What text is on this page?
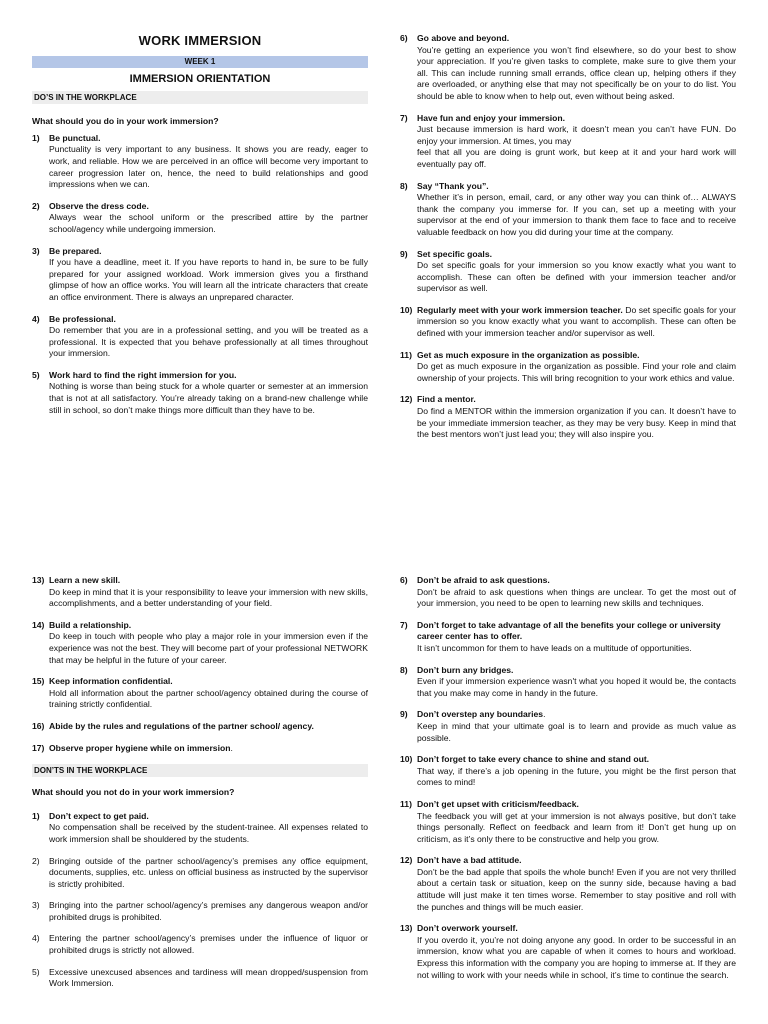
WORK IMMERSION
WEEK 1
IMMERSION ORIENTATION
DO’S IN THE WORKPLACE
What should you do in your work immersion?
1)	Be punctual.
Punctuality is very important to any business. It shows you are ready, eager to work, and reliable. How we are perceived in an office will become very important to career progression later on, hence, the need to build relationships and good impressions when we can.
2)	Observe the dress code.
Always wear the school uniform or the prescribed attire by the partner school/agency while undergoing immersion.
3)	Be prepared.
If you have a deadline, meet it. If you have reports to hand in, be sure to be fully prepared for your assigned workload. Work immersion gives you a firsthand glimpse of how an office works. You will learn all the intricate characters that create an office environment. There is always an unprepared character.
4)	Be professional.
Do remember that you are in a professional setting, and you will be treated as a professional. It is expected that you behave professionally at all times throughout your immersion.
5)	Work hard to find the right immersion for you.
Nothing is worse than being stuck for a whole quarter or semester at an immersion that is not at all satisfactory. You’re already taking on a brand-new challenge while still in school, so don’t make things more difficult than they have to be.
6)	Go above and beyond.
You’re getting an experience you won’t find elsewhere, so do your best to show your appreciation. If you’re given tasks to complete, make sure to give them your all. This can include running small errands, office clean up, helping others if they are overloaded, or anything else that may not specifically be on your to do list. You should be able to know when to help out, even without being asked.
7)	Have fun and enjoy your immersion.
Just because immersion is hard work, it doesn’t mean you can’t have FUN. Do enjoy your immersion. At times, you may
feel that all you are doing is grunt work, but keep at it and your hard work will eventually pay off.
8)	Say “Thank you”.
Whether it’s in person, email, card, or any other way you can think of… ALWAYS thank the company you immerse for. If you can, set up a meeting with your supervisor at the end of your immersion to thank them face to face and to receive valuable feedback on how you did during your time at the company.
9)	Set specific goals.
Do set specific goals for your immersion so you know exactly what you want to accomplish. These can often be defined with your immersion teacher and/or supervisor as well.
10) Regularly meet with your work immersion teacher. Do set specific goals for your immersion so you know exactly what you want to accomplish. These can often be defined with your immersion teacher and/or supervisor as well.
11) Get as much exposure in the organization as possible.
Do get as much exposure in the organization as possible. Find your role and claim ownership of your projects. This will bring recognition to your work ethics and value.
12) Find a mentor.
Do find a MENTOR within the immersion organization if you can. It doesn’t have to be your immediate immersion teacher, as they may be very busy. Keep in mind that the best mentors won’t just lead you; they will also inspire you.
13) Learn a new skill.
Do keep in mind that it is your responsibility to leave your immersion with new skills, accomplishments, and a better understanding of your field.
14) Build a relationship.
Do keep in touch with people who play a major role in your immersion even if the experience was not the best. They will become part of your professional NETWORK that may be helpful in the future of your career.
15) Keep information confidential.
Hold all information about the partner school/agency obtained during the course of training strictly confidential.
16) Abide by the rules and regulations of the partner school/ agency.
17) Observe proper hygiene while on immersion.
DON’TS IN THE WORKPLACE
What should you not do in your work immersion?
1)	Don’t expect to get paid.
No compensation shall be received by the student-trainee. All expenses related to work immersion shall be shouldered by the students.
2)	Bringing outside of the partner school/agency’s premises any office equipment, documents, supplies, etc. unless on official business as instructed by the supervisor is strictly prohibited.
3)	Bringing into the partner school/agency’s premises any dangerous weapon and/or prohibited drugs is prohibited.
4)	Entering the partner school/agency’s premises under the influence of liquor or prohibited drugs is strictly not allowed.
5)	Excessive unexcused absences and tardiness will mean dropped/suspension from Work Immersion.
6)	Don’t be afraid to ask questions.
Don’t be afraid to ask questions when things are unclear. To get the most out of your immersion, you need to be open to learning new skills and techniques.
7)	Don’t forget to take advantage of all the benefits your college or university career center has to offer.
It isn’t uncommon for them to have leads on a multitude of opportunities.
8)	Don’t burn any bridges.
Even if your immersion experience wasn't what you hoped it would be, the contacts that you make may come in handy in the future.
9)	Don’t overstep any boundaries.
Keep in mind that your ultimate goal is to learn and provide as much value as possible.
10) Don’t forget to take every chance to shine and stand out.
That way, if there’s a job opening in the future, you might be the first person that comes to mind!
11) Don’t get upset with criticism/feedback.
The feedback you will get at your immersion is not always positive, but don’t take things personally. Reflect on feedback and learn from it! Don’t get hung up on criticism, as it’s only there to be constructive and help you grow.
12) Don’t have a bad attitude.
Don’t be the bad apple that spoils the whole bunch! Even if you are not very thrilled about a certain task or situation, keep on the sunny side, because having a bad attitude will just make it ten times worse. Remember to stay positive and roll with the punches and things will be much easier.
13) Don’t overwork yourself.
If you overdo it, you’re not doing anyone any good. In order to be successful in an immersion, know what you are capable of when it comes to hours and workload. Express this information with the company you are hoping to immerse at. If they are not willing to work with your needs while in school, it’s time to continue the search.
